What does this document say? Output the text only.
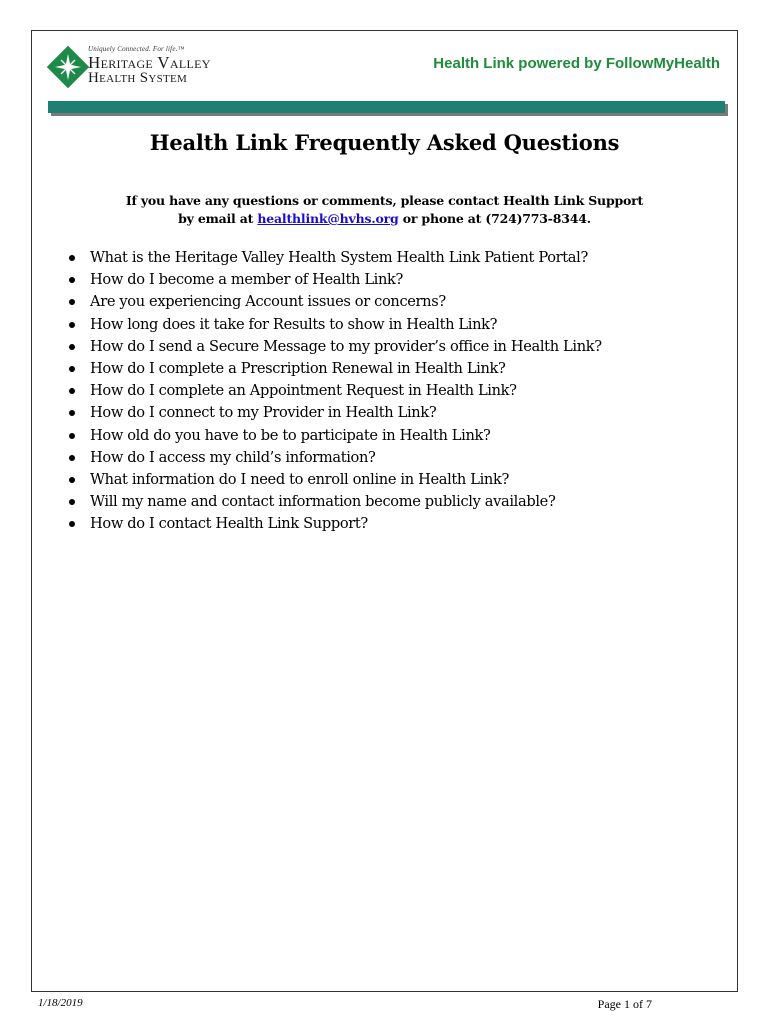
Uniquely Connected. For life.™
Heritage Valley
Health System
Health Link powered by FollowMyHealth
Health Link Frequently Asked Questions
If you have any questions or comments, please contact Health Link Support
by email at healthlink@hvhs.org or phone at (724)773-8344.
What is the Heritage Valley Health System Health Link Patient Portal?
How do I become a member of Health Link?
Are you experiencing Account issues or concerns?
How long does it take for Results to show in Health Link?
How do I send a Secure Message to my provider’s office in Health Link?
How do I complete a Prescription Renewal in Health Link?
How do I complete an Appointment Request in Health Link?
How do I connect to my Provider in Health Link?
How old do you have to be to participate in Health Link?
How do I access my child’s information?
What information do I need to enroll online in Health Link?
Will my name and contact information become publicly available?
How do I contact Health Link Support?
1/18/2019	Page 1 of 7
